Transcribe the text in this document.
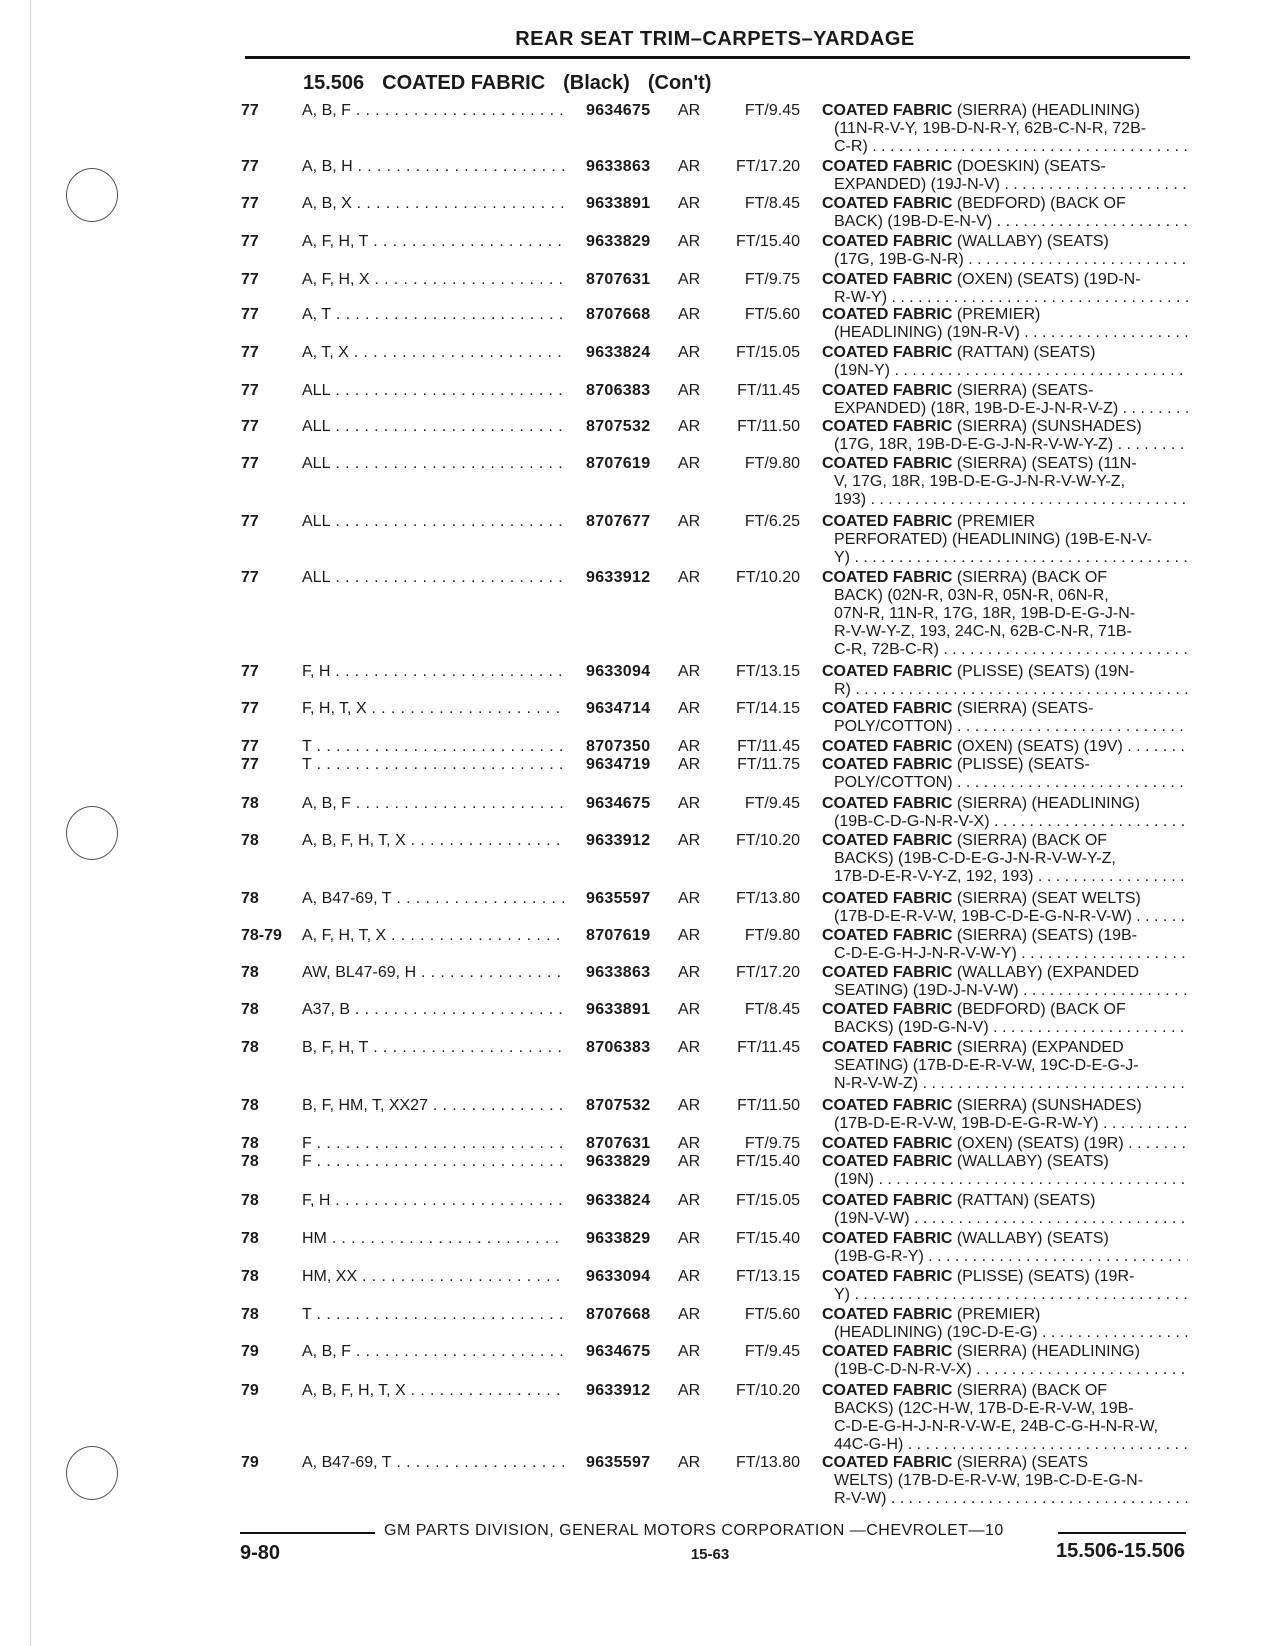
REAR SEAT TRIM–CARPETS–YARDAGE
15.506 COATED FABRIC (Black) (Con't)
77	A, B, F . . .	9634675 AR	FT/9.45 COATED FABRIC (SIERRA) (HEADLINING)
(11N-R-V-Y, 19B-D-N-R-Y, 62B-C-N-R, 72B-
C-R) . . .
77	A, B, H . . .	9633863 AR	FT/17.20 COATED FABRIC (DOESKIN) (SEATS-
EXPANDED) (19J-N-V) . . .
77	A, B, X . . .	9633891 AR	FT/8.45 COATED FABRIC (BEDFORD) (BACK OF
BACK) (19B-D-E-N-V) . . .
77	A, F, H, T . . .	9633829 AR	FT/15.40 COATED FABRIC (WALLABY) (SEATS)
(17G, 19B-G-N-R) . . .
77	A, F, H, X . . .	8707631 AR	FT/9.75 COATED FABRIC (OXEN) (SEATS) (19D-N-
R-W-Y) . . .
77	A, T . . .	8707668 AR	FT/5.60 COATED FABRIC (PREMIER)
(HEADLINING) (19N-R-V) . . .
77	A, T, X . . .	9633824 AR	FT/15.05 COATED FABRIC (RATTAN) (SEATS)
(19N-Y) . . .
77	ALL . . .	8706383 AR	FT/11.45 COATED FABRIC (SIERRA) (SEATS-
EXPANDED) (18R, 19B-D-E-J-N-R-V-Z) . . .
77	ALL . . .	8707532 AR	FT/11.50 COATED FABRIC (SIERRA) (SUNSHADES)
(17G, 18R, 19B-D-E-G-J-N-R-V-W-Y-Z) . . .
77	ALL . . .	8707619 AR	FT/9.80 COATED FABRIC (SIERRA) (SEATS) (11N-
V, 17G, 18R, 19B-D-E-G-J-N-R-V-W-Y-Z,
193) . . .
77	ALL . . .	8707677 AR	FT/6.25 COATED FABRIC (PREMIER
PERFORATED) (HEADLINING) (19B-E-N-V-
Y) . . .
77	ALL . . .	9633912 AR	FT/10.20 COATED FABRIC (SIERRA) (BACK OF
BACK) (02N-R, 03N-R, 05N-R, 06N-R,
07N-R, 11N-R, 17G, 18R, 19B-D-E-G-J-N-
R-V-W-Y-Z, 193, 24C-N, 62B-C-N-R, 71B-
C-R, 72B-C-R) . . .
77	F, H . . .	9633094 AR	FT/13.15 COATED FABRIC (PLISSE) (SEATS) (19N-
R) . . .
77	F, H, T, X . . .	9634714 AR	FT/14.15 COATED FABRIC (SIERRA) (SEATS-
POLY/COTTON) . . .
77	T . . .	8707350 AR	FT/11.45 COATED FABRIC (OXEN) (SEATS) (19V) . . .
77	T . . .	9634719 AR	FT/11.75 COATED FABRIC (PLISSE) (SEATS-
POLY/COTTON) . . .
78	A, B, F . . .	9634675 AR	FT/9.45 COATED FABRIC (SIERRA) (HEADLINING)
(19B-C-D-G-N-R-V-X) . . .
78	A, B, F, H, T, X . . .	9633912 AR	FT/10.20 COATED FABRIC (SIERRA) (BACK OF
BACKS) (19B-C-D-E-G-J-N-R-V-W-Y-Z,
17B-D-E-R-V-Y-Z, 192, 193) . . .
78	A, B47-69, T . . .	9635597 AR	FT/13.80 COATED FABRIC (SIERRA) (SEAT WELTS)
(17B-D-E-R-V-W, 19B-C-D-E-G-N-R-V-W) . . .
78-79 A, F, H, T, X . . .	8707619 AR	FT/9.80 COATED FABRIC (SIERRA) (SEATS) (19B-
C-D-E-G-H-J-N-R-V-W-Y) . . .
78	AW, BL47-69, H . . .	9633863 AR	FT/17.20 COATED FABRIC (WALLABY) (EXPANDED
SEATING) (19D-J-N-V-W) . . .
78	A37, B . . .	9633891 AR	FT/8.45 COATED FABRIC (BEDFORD) (BACK OF
BACKS) (19D-G-N-V) . . .
78	B, F, H, T . . .	8706383 AR	FT/11.45 COATED FABRIC (SIERRA) (EXPANDED
SEATING) (17B-D-E-R-V-W, 19C-D-E-G-J-
N-R-V-W-Z) . . .
78	B, F, HM, T, XX27 . . .	8707532 AR	FT/11.50 COATED FABRIC (SIERRA) (SUNSHADES)
(17B-D-E-R-V-W, 19B-D-E-G-R-W-Y) . . .
78	F . . .	8707631 AR	FT/9.75 COATED FABRIC (OXEN) (SEATS) (19R) . . .
78	F . . .	9633829 AR	FT/15.40 COATED FABRIC (WALLABY) (SEATS)
(19N) . . .
78	F, H . . .	9633824 AR	FT/15.05 COATED FABRIC (RATTAN) (SEATS)
(19N-V-W) . . .
78	HM . . .	9633829 AR	FT/15.40 COATED FABRIC (WALLABY) (SEATS)
(19B-G-R-Y) . . .
78	HM, XX . . .	9633094 AR	FT/13.15 COATED FABRIC (PLISSE) (SEATS) (19R-
Y) . . .
78	T . . .	8707668 AR	FT/5.60 COATED FABRIC (PREMIER)
(HEADLINING) (19C-D-E-G) . . .
79	A, B, F . . .	9634675 AR	FT/9.45 COATED FABRIC (SIERRA) (HEADLINING)
(19B-C-D-N-R-V-X) . . .
79	A, B, F, H, T, X . . .	9633912 AR	FT/10.20 COATED FABRIC (SIERRA) (BACK OF
BACKS) (12C-H-W, 17B-D-E-R-V-W, 19B-
C-D-E-G-H-J-N-R-V-W-E, 24B-C-G-H-N-R-W,
44C-G-H) . . .
79	A, B47-69, T . . .	9635597 AR	FT/13.80 COATED FABRIC (SIERRA) (SEATS
WELTS) (17B-D-E-R-V-W, 19B-C-D-E-G-N-
R-V-W) . . .
GM PARTS DIVISION, GENERAL MOTORS CORPORATION —CHEVROLET—10
9-80	15-63	15.506-15.506
